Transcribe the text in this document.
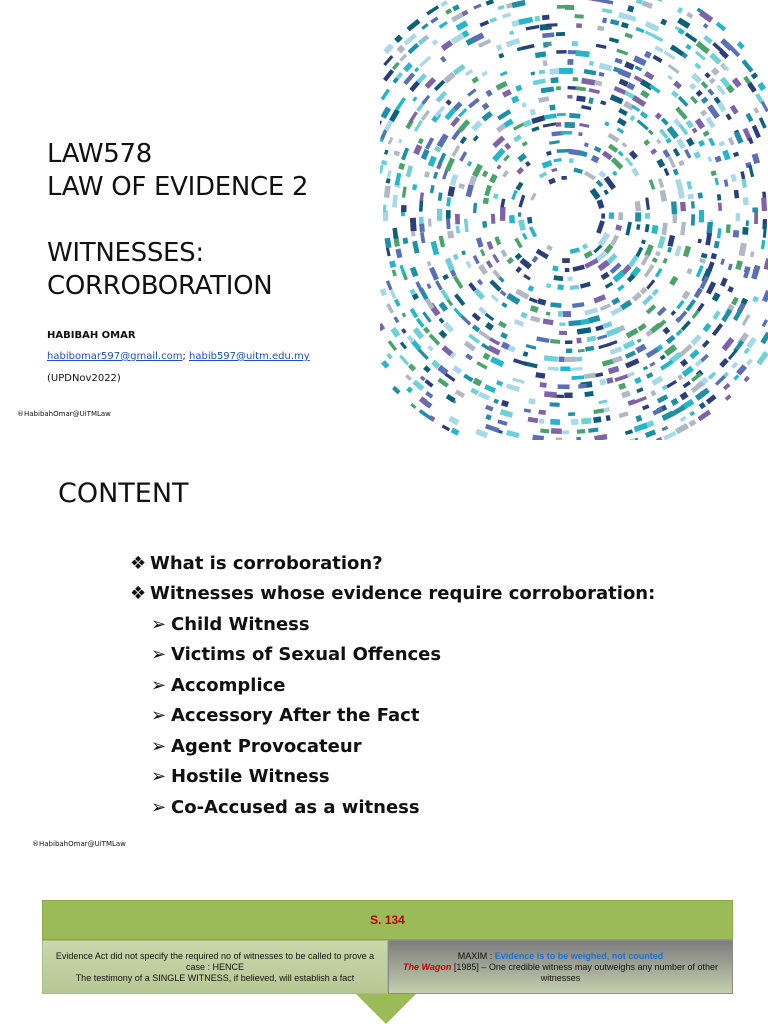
LAW578
LAW OF EVIDENCE 2

WITNESSES:
CORROBORATION
HABIBAH OMAR
habibomar597@gmail.com; habib597@uitm.edu.my
(UPDNov2022)
®HabibahOmar@UiTMLaw
CONTENT
❖ What is corroboration?
❖ Witnesses whose evidence require corroboration:
➢ Child Witness
➢ Victims of Sexual Offences
➢ Accomplice
➢ Accessory After the Fact
➢ Agent Provocateur
➢ Hostile Witness
➢ Co-Accused as a witness
®HabibahOmar@UiTMLaw
S. 134
Evidence Act did not specify the required no of witnesses to be called to prove a case : HENCE
The testimony of a SINGLE WITNESS, if believed, will establish a fact
MAXIM : Evidence is to be weighed, not counted
The Wagon [1985] – One credible witness may outweighs any number of other witnesses
